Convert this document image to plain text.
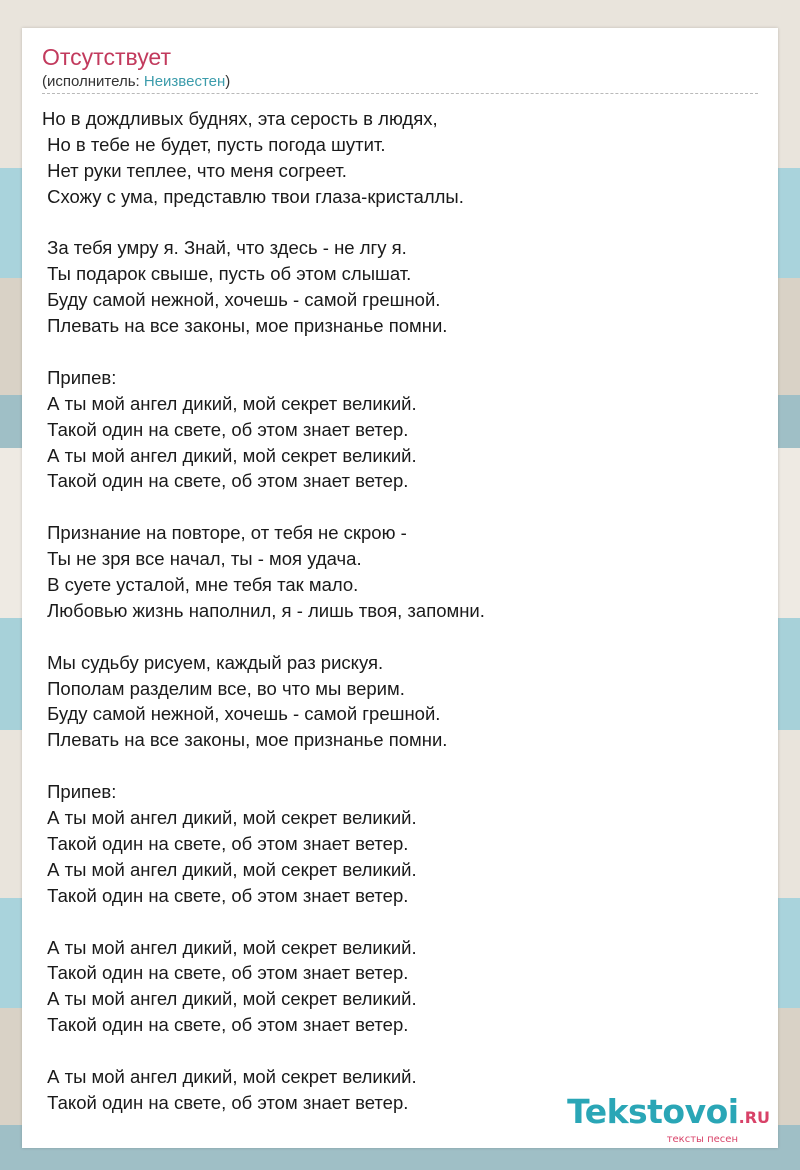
Отсутствует
(исполнитель: Неизвестен)
Но в дождливых буднях, эта серость в людях,
Но в тебе не будет, пусть погода шутит.
Нет руки теплее, что меня согреет.
Схожу с ума, представлю твои глаза-кристаллы.
За тебя умру я. Знай, что здесь - не лгу я.
Ты подарок свыше, пусть об этом слышат.
Буду самой нежной, хочешь - самой грешной.
Плевать на все законы, мое признанье помни.
Припев:
А ты мой ангел дикий, мой секрет великий.
Такой один на свете, об этом знает ветер.
А ты мой ангел дикий, мой секрет великий.
Такой один на свете, об этом знает ветер.
Признание на повторе, от тебя не скрою -
Ты не зря все начал, ты - моя удача.
В суете усталой, мне тебя так мало.
Любовью жизнь наполнил, я - лишь твоя, запомни.
Мы судьбу рисуем, каждый раз рискуя.
Пополам разделим все, во что мы верим.
Буду самой нежной, хочешь - самой грешной.
Плевать на все законы, мое признанье помни.
Припев:
А ты мой ангел дикий, мой секрет великий.
Такой один на свете, об этом знает ветер.
А ты мой ангел дикий, мой секрет великий.
Такой один на свете, об этом знает ветер.
А ты мой ангел дикий, мой секрет великий.
Такой один на свете, об этом знает ветер.
А ты мой ангел дикий, мой секрет великий.
Такой один на свете, об этом знает ветер.
А ты мой ангел дикий, мой секрет великий.
Такой один на свете, об этом знает ветер.	Tekstovoi.RU
тексты песен
